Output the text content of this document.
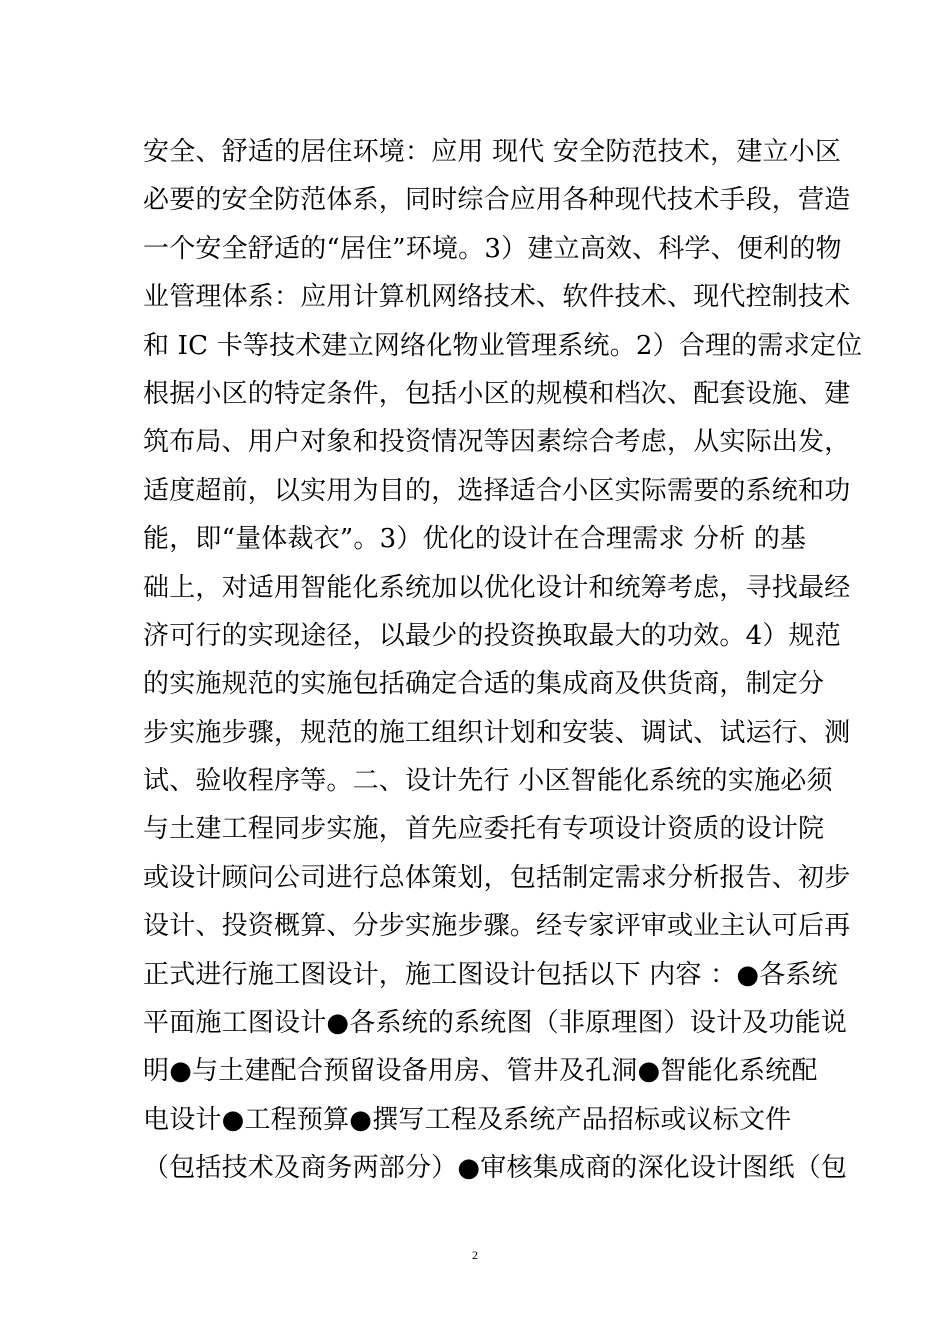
安全、舒适的居住环境：应用 现代 安全防范技术，建立小区
必要的安全防范体系，同时综合应用各种现代技术手段，营造
一个安全舒适的“居住”环境。3）建立高效、科学、便利的物
业管理体系：应用计算机网络技术、软件技术、现代控制技术
和 IC 卡等技术建立网络化物业管理系统。2）合理的需求定位
根据小区的特定条件，包括小区的规模和档次、配套设施、建
筑布局、用户对象和投资情况等因素综合考虑，从实际出发，
适度超前，以实用为目的，选择适合小区实际需要的系统和功
能，即“量体裁衣”。3）优化的设计在合理需求 分析 的基
础上，对适用智能化系统加以优化设计和统筹考虑，寻找最经
济可行的实现途径，以最少的投资换取最大的功效。4）规范
的实施规范的实施包括确定合适的集成商及供货商，制定分
步实施步骤，规范的施工组织计划和安装、调试、试运行、测
试、验收程序等。二、设计先行 小区智能化系统的实施必须
与土建工程同步实施，首先应委托有专项设计资质的设计院
或设计顾问公司进行总体策划，包括制定需求分析报告、初步
设计、投资概算、分步实施步骤。经专家评审或业主认可后再
正式进行施工图设计，施工图设计包括以下 内容 ：●各系统
平面施工图设计●各系统的系统图（非原理图）设计及功能说
明●与土建配合预留设备用房、管井及孔洞●智能化系统配
电设计●工程预算●撰写工程及系统产品招标或议标文件
（包括技术及商务两部分）●审核集成商的深化设计图纸（包
2
